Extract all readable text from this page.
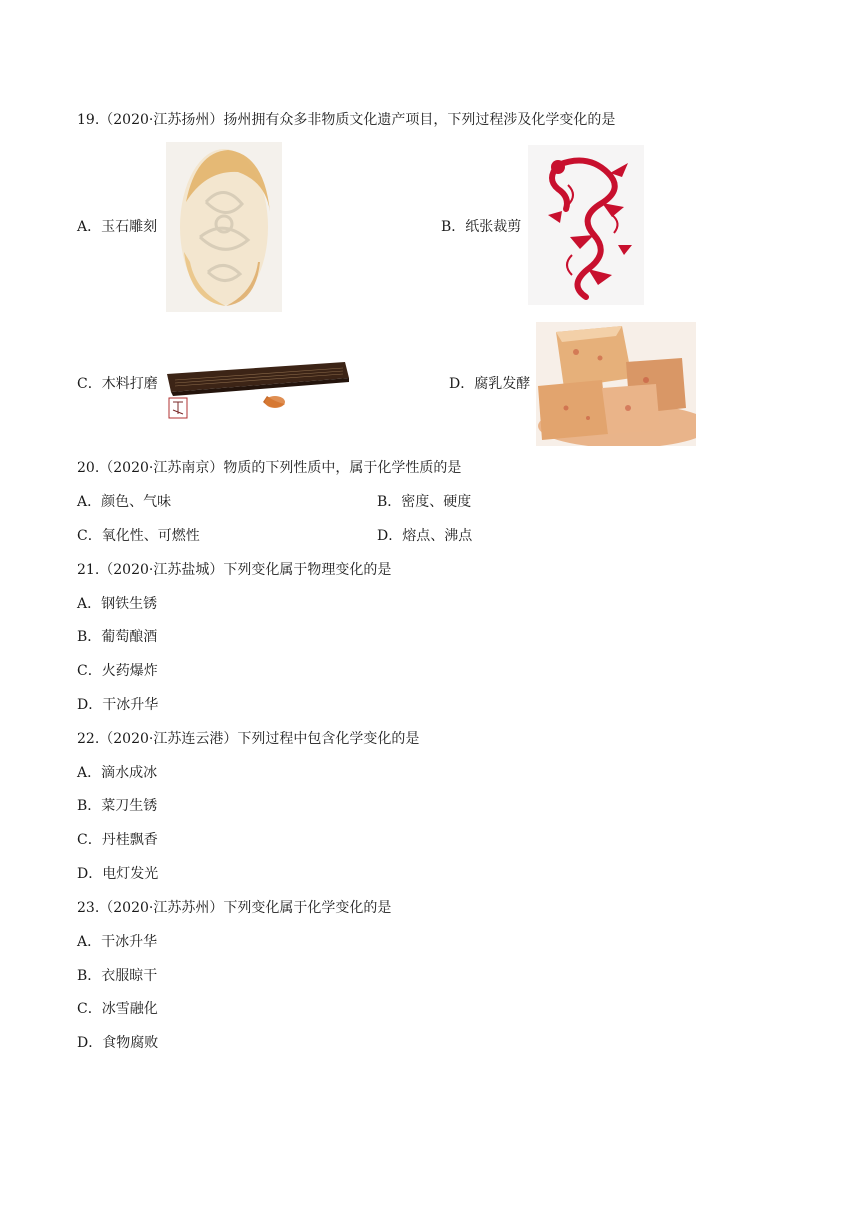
19.（2020·江苏扬州）扬州拥有众多非物质文化遗产项目，下列过程涉及化学变化的是
A．玉石雕刻	B．纸张裁剪
C．木料打磨	D．腐乳发酵
20.（2020·江苏南京）物质的下列性质中，属于化学性质的是
A．颜色、气味	B．密度、硬度
C．氧化性、可燃性	D．熔点、沸点
21.（2020·江苏盐城）下列变化属于物理变化的是
A．钢铁生锈
B．葡萄酿酒
C．火药爆炸
D．干冰升华
22.（2020·江苏连云港）下列过程中包含化学变化的是
A．滴水成冰
B．菜刀生锈
C．丹桂飘香
D．电灯发光
23.（2020·江苏苏州）下列变化属于化学变化的是
A．干冰升华
B．衣服晾干
C．冰雪融化
D．食物腐败
